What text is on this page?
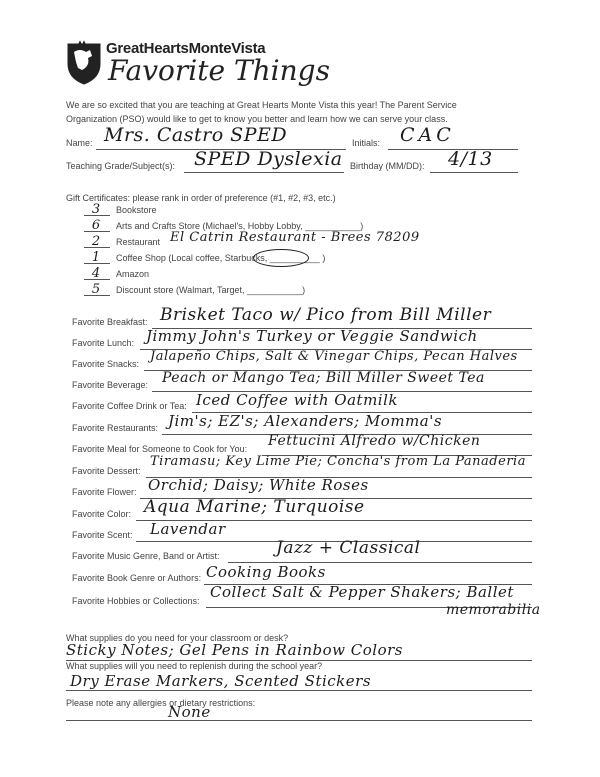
GreatHeartsMonteVista
Favorite Things
We are so excited that you are teaching at Great Hearts Monte Vista this year! The Parent Service
Organization (PSO) would like to get to know you better and learn how we can serve your class.
Name: Mrs. Castro SPED	Initials: CAC
Teaching Grade/Subject(s): SPED Dyslexia Birthday (MM/DD): 4/13
Gift Certificates: please rank in order of preference (#1, #2, #3, etc.)
3	Bookstore
6	Arts and Crafts Store (Michael's, Hobby Lobby, ___________)
2	Restaurant El Catrin Restaurant - Brees 78209
1	Coffee Shop (Local coffee, Starbucks, __________ )
4	Amazon
5	Discount store (Walmart, Target, ___________)
Favorite Breakfast: Brisket Taco w/ Pico from Bill Miller
Favorite Lunch: Jimmy John's Turkey or Veggie Sandwich
Favorite Snacks: Jalapeño Chips, Salt & Vinegar Chips, Pecan Halves
Favorite Beverage: Peach or Mango Tea; Bill Miller Sweet Tea
Favorite Coffee Drink or Tea: Iced Coffee with Oatmilk
Favorite Restaurants: Jim's; EZ's; Alexanders; Momma's
Favorite Meal for Someone to Cook for You: Fettucini Alfredo w/Chicken
Favorite Dessert:
Tiramasu; Key Lime Pie; Concha's from La Panaderia
Favorite Flower: Orchid; Daisy; White Roses
Favorite Color: Aqua Marine; Turquoise
Favorite Scent: Lavendar
Favorite Music Genre, Band or Artist:	Jazz + Classical
Favorite Book Genre or Authors: Cooking Books
Favorite Hobbies or Collections: Collect Salt & Pepper Shakers; Ballet
memorabilia
What supplies do you need for your classroom or desk?
Sticky Notes; Gel Pens in Rainbow Colors
What supplies will you need to replenish during the school year?
Dry Erase Markers, Scented Stickers
Please note any allergies or dietary restrictions:
None
